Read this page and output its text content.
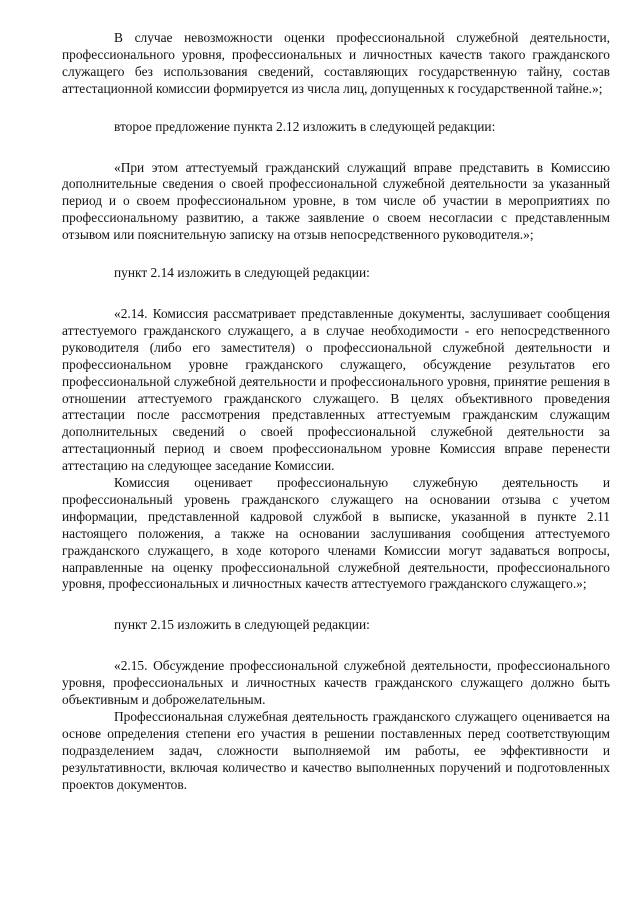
В случае невозможности оценки профессиональной служебной деятельности, профессионального уровня, профессиональных и личностных качеств такого гражданского служащего без использования сведений, составляющих государственную тайну, состав аттестационной комиссии формируется из числа лиц, допущенных к государственной тайне.»;

второе предложение пункта 2.12 изложить в следующей редакции:

«При этом аттестуемый гражданский служащий вправе представить в Комиссию дополнительные сведения о своей профессиональной служебной деятельности за указанный период и о своем профессиональном уровне, в том числе об участии в мероприятиях по профессиональному развитию, а также заявление о своем несогласии с представленным отзывом или пояснительную записку на отзыв непосредственного руководителя.»;

пункт 2.14 изложить в следующей редакции:

«2.14. Комиссия рассматривает представленные документы, заслушивает сообщения аттестуемого гражданского служащего, а в случае необходимости - его непосредственного руководителя (либо его заместителя) о профессиональной служебной деятельности и профессиональном уровне гражданского служащего, обсуждение результатов его профессиональной служебной деятельности и профессионального уровня, принятие решения в отношении аттестуемого гражданского служащего. В целях объективного проведения аттестации после рассмотрения представленных аттестуемым гражданским служащим дополнительных сведений о своей профессиональной служебной деятельности за аттестационный период и своем профессиональном уровне Комиссия вправе перенести аттестацию на следующее заседание Комиссии.

Комиссия оценивает профессиональную служебную деятельность и профессиональный уровень гражданского служащего на основании отзыва с учетом информации, представленной кадровой службой в выписке, указанной в пункте 2.11 настоящего положения, а также на основании заслушивания сообщения аттестуемого гражданского служащего, в ходе которого членами Комиссии могут задаваться вопросы, направленные на оценку профессиональной служебной деятельности, профессионального уровня, профессиональных и личностных качеств аттестуемого гражданского служащего.»;

пункт 2.15 изложить в следующей редакции:

«2.15. Обсуждение профессиональной служебной деятельности, профессионального уровня, профессиональных и личностных качеств гражданского служащего должно быть объективным и доброжелательным.

Профессиональная служебная деятельность гражданского служащего оценивается на основе определения степени его участия в решении поставленных перед соответствующим подразделением задач, сложности выполняемой им работы, ее эффективности и результативности, включая количество и качество выполненных поручений и подготовленных проектов документов.
